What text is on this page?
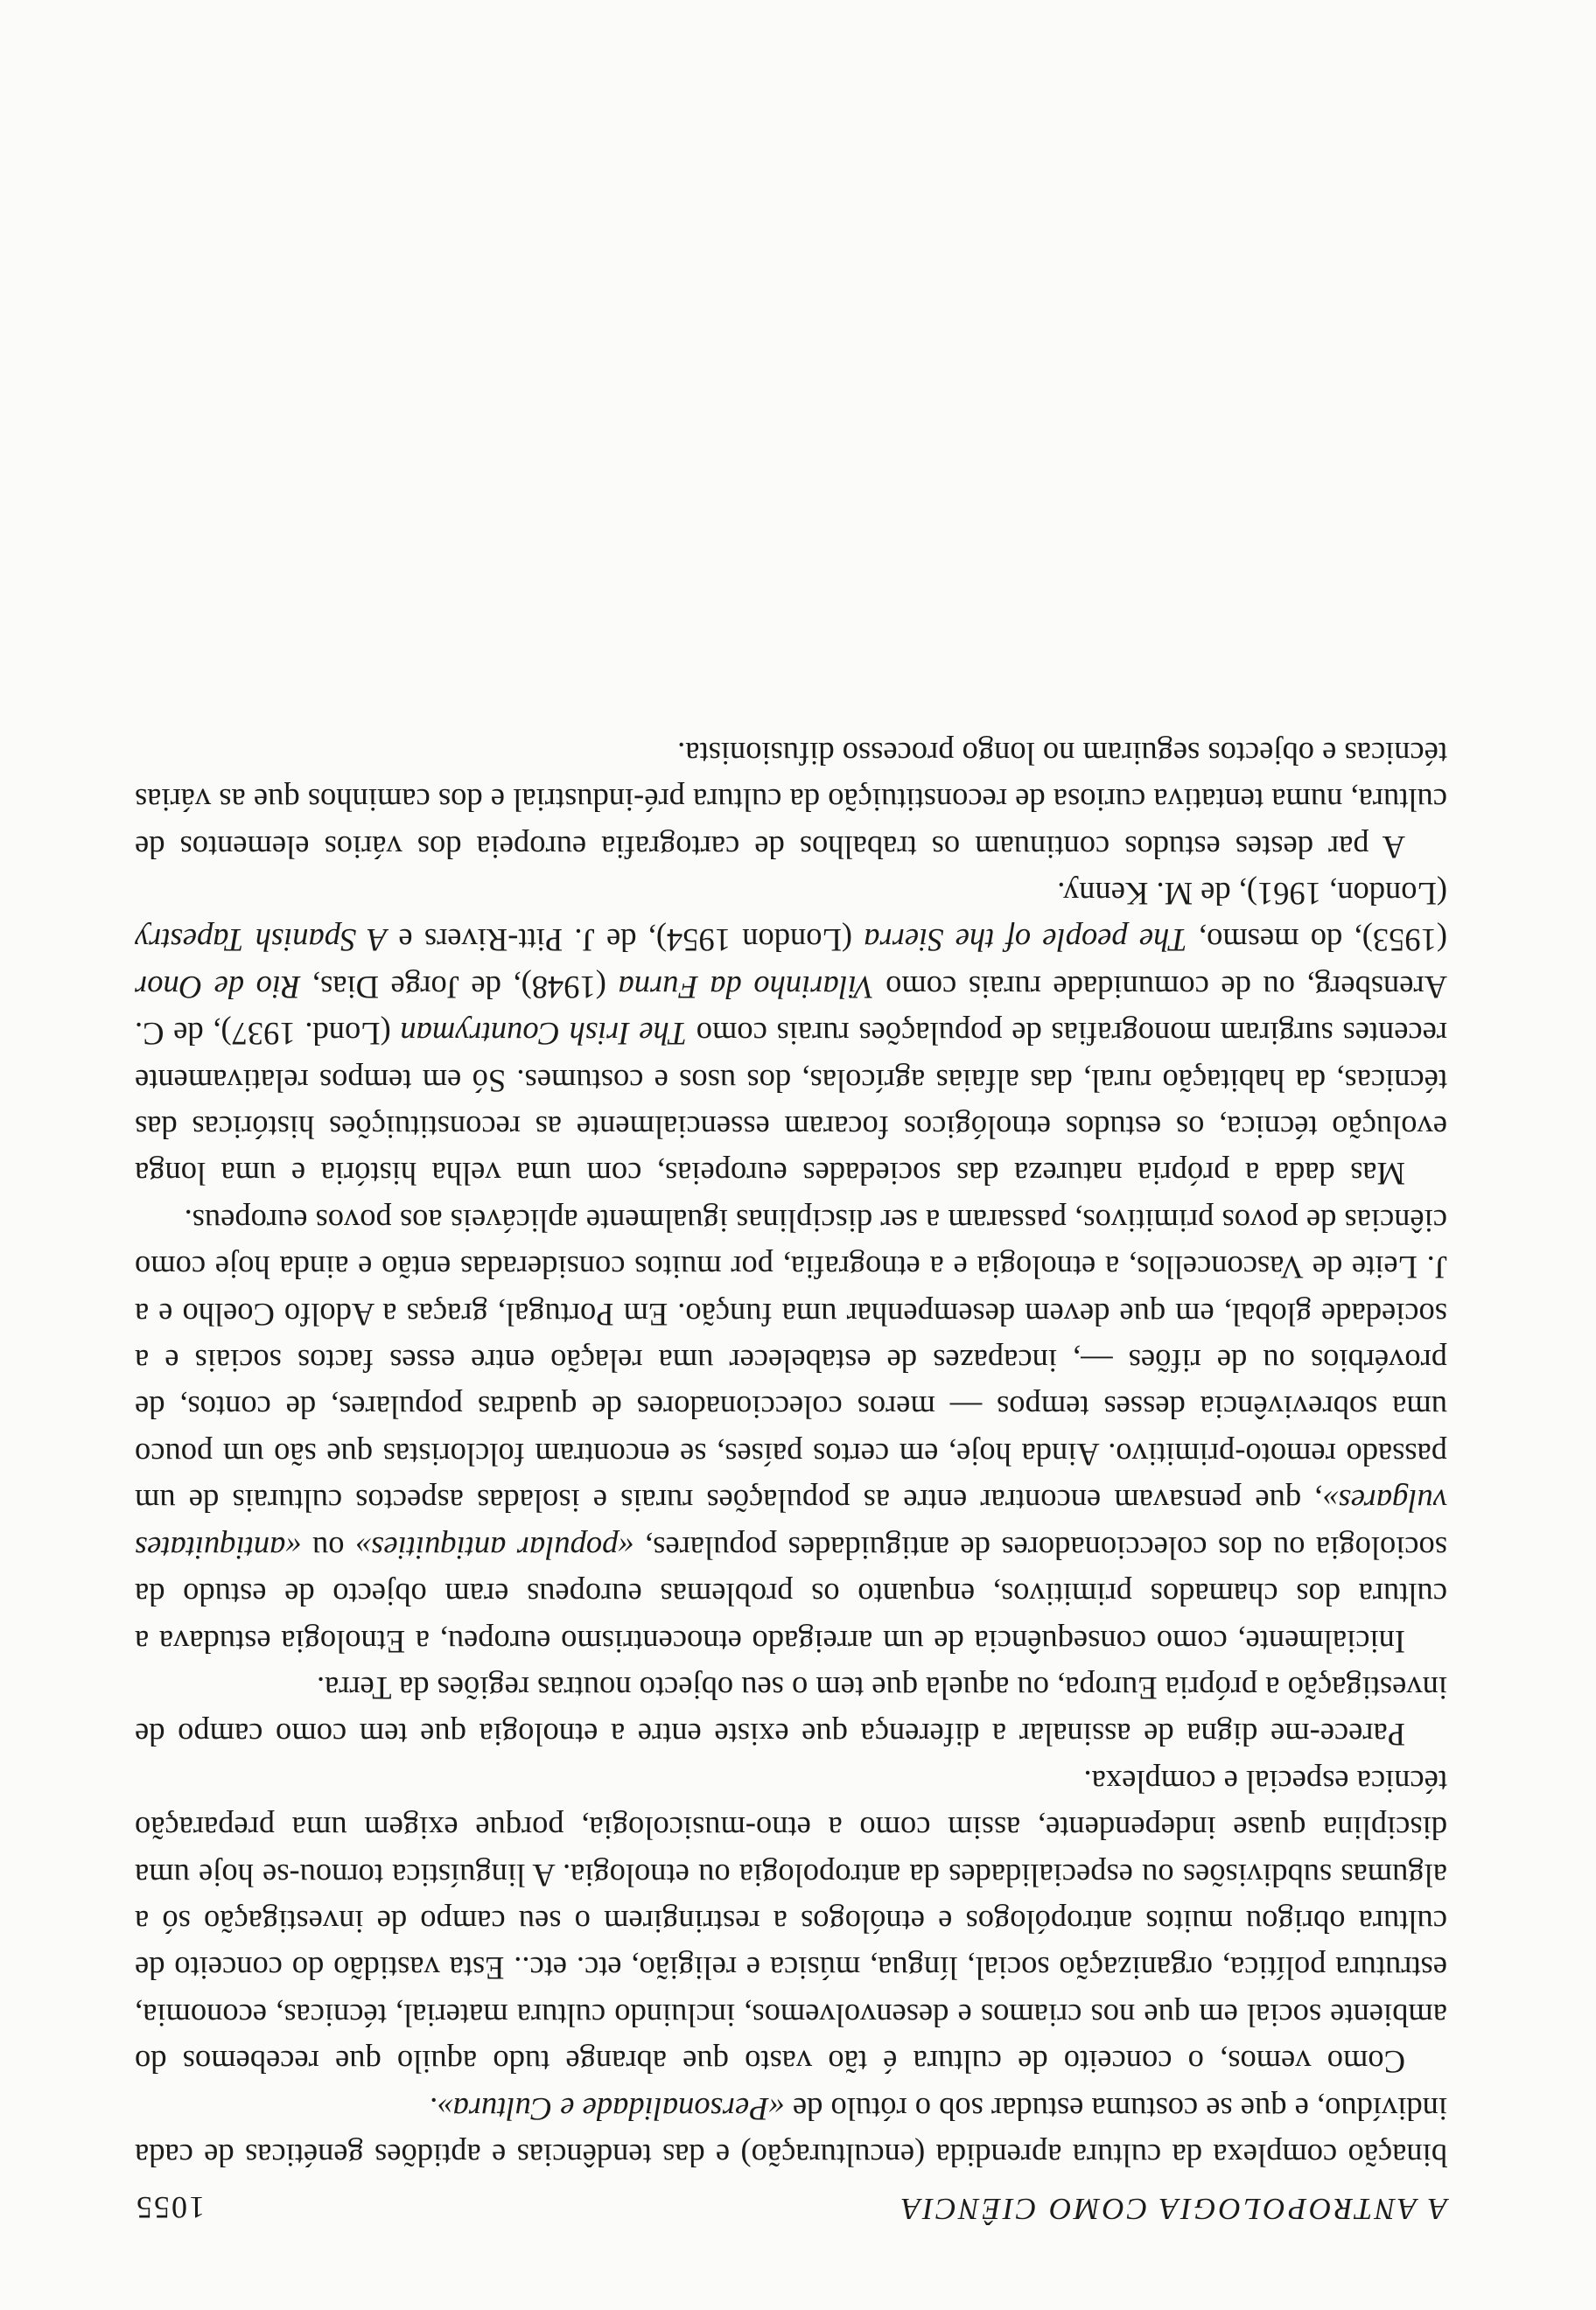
A ANTROPOLOGIA COMO CIÊNCIA
1055

binação complexa da cultura aprendida (enculturação) e das tendências e aptidões genéticas de cada indivíduo, e que se costuma estudar sob o rótulo de «Personalidade e Cultura».

Como vemos, o conceito de cultura é tão vasto que abrange tudo aquilo que recebemos do ambiente social em que nos criamos e desenvolvemos, incluindo cultura material, técnicas, economia, estrutura política, organização social, língua, música e religião, etc. etc.. Esta vastidão do conceito de cultura obrigou muitos antropólogos e etnólogos a restringirem o seu campo de investigação só a algumas subdivisões ou especialidades da antropologia ou etnologia. A linguística tornou-se hoje uma disciplina quase independente, assim como a etno-musicologia, porque exigem uma preparação técnica especial e complexa.

Parece-me digna de assinalar a diferença que existe entre a etnologia que tem como campo de investigação a própria Europa, ou aquela que tem o seu objecto noutras regiões da Terra.

Inicialmente, como consequência de um arreigado etnocentrismo europeu, a Etnologia estudava a cultura dos chamados primitivos, enquanto os problemas europeus eram objecto de estudo da sociologia ou dos coleccionadores de antiguidades populares, «popular antiquities» ou «antiquitates vulgares», que pensavam encontrar entre as populações rurais e isoladas aspectos culturais de um passado remoto-primitivo. Ainda hoje, em certos países, se encontram folcloristas que são um pouco uma sobrevivência desses tempos — meros coleccionadores de quadras populares, de contos, de provérbios ou de rifões —, incapazes de estabelecer uma relação entre esses factos sociais e a sociedade global, em que devem desempenhar uma função. Em Portugal, graças a Adolfo Coelho e a J. Leite de Vasconcellos, a etnologia e a etnografia, por muitos consideradas então e ainda hoje como ciências de povos primitivos, passaram a ser disciplinas igualmente aplicáveis aos povos europeus.

Mas dada a própria natureza das sociedades europeias, com uma velha história e uma longa evolução técnica, os estudos etnológicos focaram essencialmente as reconstituições históricas das técnicas, da habitação rural, das alfaias agrícolas, dos usos e costumes. Só em tempos relativamente recentes surgiram monografias de populações rurais como The Irish Countryman (Lond. 1937), de C. Arensberg, ou de comunidade rurais como Vilarinho da Furna (1948), de Jorge Dias, Rio de Onor (1953), do mesmo, The people of the Sierra (London 1954), de J. Pitt-Rivers e A Spanish Tapestry (London, 1961), de M. Kenny.

A par destes estudos continuam os trabalhos de cartografia europeia dos vários elementos de cultura, numa tentativa curiosa de reconstituição da cultura pré-industrial e dos caminhos que as várias técnicas e objectos seguiram no longo processo difusionista.
